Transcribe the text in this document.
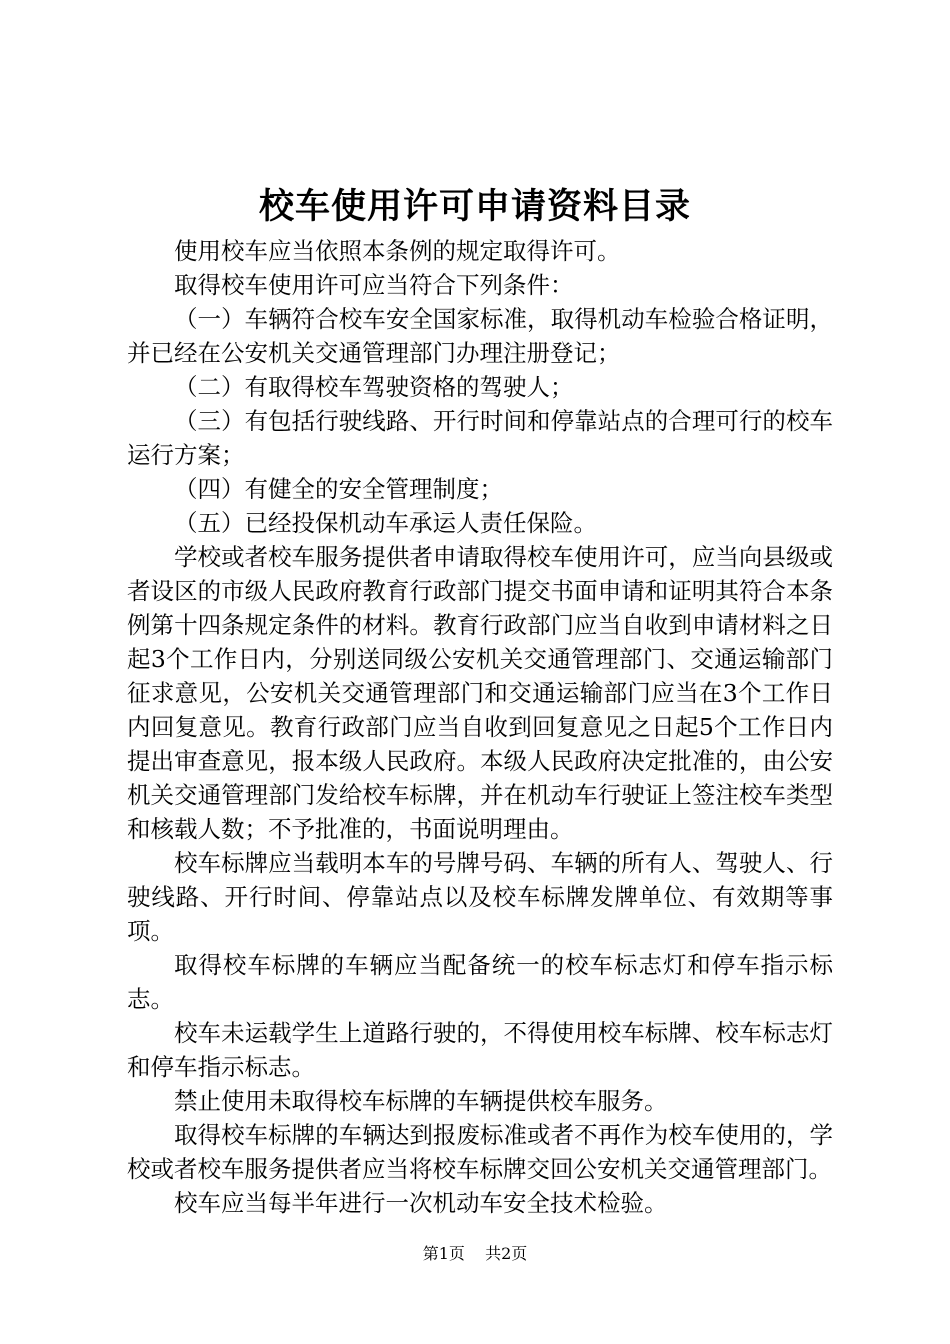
校车使用许可申请资料目录

使用校车应当依照本条例的规定取得许可。

取得校车使用许可应当符合下列条件：

（一）车辆符合校车安全国家标准，取得机动车检验合格证明，并已经在公安机关交通管理部门办理注册登记；

（二）有取得校车驾驶资格的驾驶人；

（三）有包括行驶线路、开行时间和停靠站点的合理可行的校车运行方案；

（四）有健全的安全管理制度；

（五）已经投保机动车承运人责任保险。

学校或者校车服务提供者申请取得校车使用许可，应当向县级或者设区的市级人民政府教育行政部门提交书面申请和证明其符合本条例第十四条规定条件的材料。教育行政部门应当自收到申请材料之日起3个工作日内，分别送同级公安机关交通管理部门、交通运输部门征求意见，公安机关交通管理部门和交通运输部门应当在3个工作日内回复意见。教育行政部门应当自收到回复意见之日起5个工作日内提出审查意见，报本级人民政府。本级人民政府决定批准的，由公安机关交通管理部门发给校车标牌，并在机动车行驶证上签注校车类型和核载人数；不予批准的，书面说明理由。

校车标牌应当载明本车的号牌号码、车辆的所有人、驾驶人、行驶线路、开行时间、停靠站点以及校车标牌发牌单位、有效期等事项。

取得校车标牌的车辆应当配备统一的校车标志灯和停车指示标志。

校车未运载学生上道路行驶的，不得使用校车标牌、校车标志灯和停车指示标志。

禁止使用未取得校车标牌的车辆提供校车服务。

取得校车标牌的车辆达到报废标准或者不再作为校车使用的，学校或者校车服务提供者应当将校车标牌交回公安机关交通管理部门。

校车应当每半年进行一次机动车安全技术检验。

第1页 共2页
